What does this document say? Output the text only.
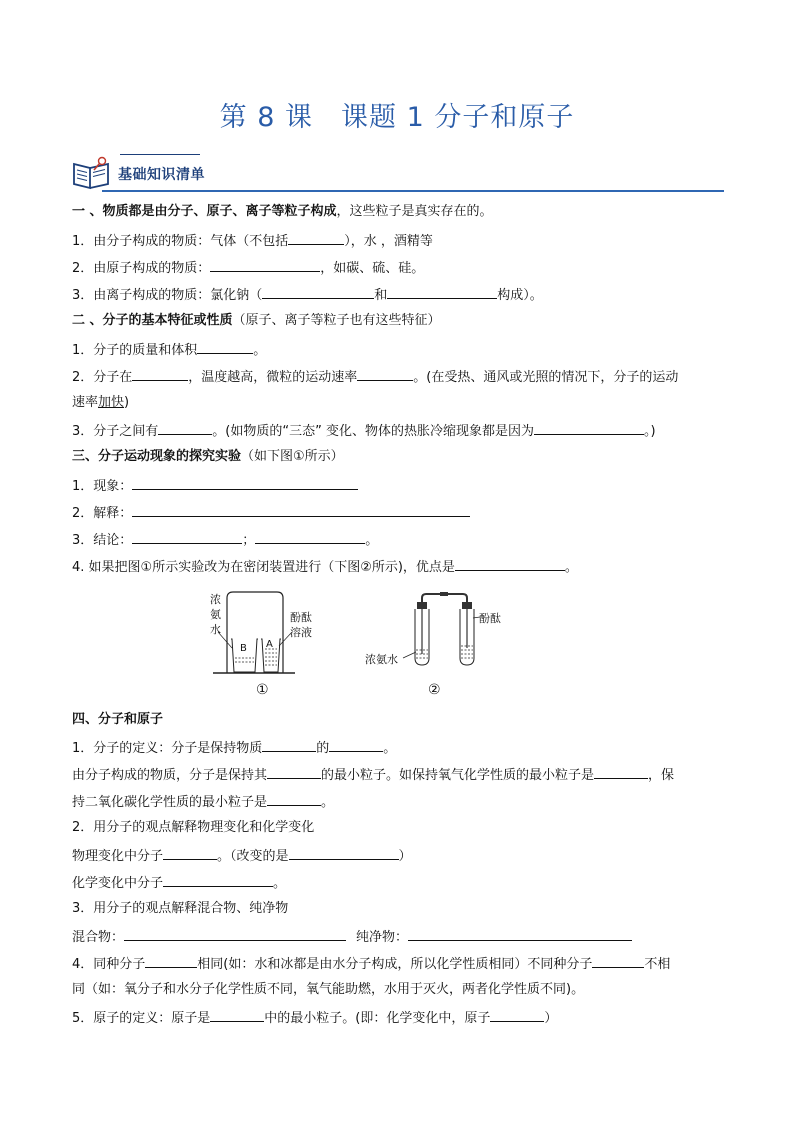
第 8 课　课题 1 分子和原子
基础知识清单
一 、物质都是由分子、原子、离子等粒子构成，这些粒子是真实存在的。
1．由分子构成的物质：气体（不包括	），水 ，酒精等
2．由原子构成的物质：	，如碳、硫、硅。
3．由离子构成的物质：氯化钠（	和	构成）。
二 、分子的基本特征或性质（原子、离子等粒子也有这些特征）
1．分子的质量和体积	。
2．分子在	，温度越高，微粒的运动速率	。(在受热、通风或光照的情况下，分子的运动
速率加快)
3．分子之间有	。(如物质的“三态” 变化、物体的热胀冷缩现象都是因为	。)
三、分子运动现象的探究实验（如下图①所示）
1．现象：
2．解释：
3．结论：	；	。
4. 如果把图①所示实验改为在密闭装置进行（下图②所示)，优点是	。
浓
氨
水
酚酞
溶液
B A
酚酞
浓氨水
①	②
四、分子和原子
1．分子的定义：分子是保持物质	的	。
由分子构成的物质，分子是保持其	的最小粒子。如保持氧气化学性质的最小粒子是	，保
持二氧化碳化学性质的最小粒子是	。
2．用分子的观点解释物理变化和化学变化
物理变化中分子	。（改变的是	）
化学变化中分子	。
3．用分子的观点解释混合物、纯净物
混合物：	纯净物：
4．同种分子	相同(如：水和冰都是由水分子构成，所以化学性质相同）不同种分子	不相
同（如：氧分子和水分子化学性质不同，氧气能助燃，水用于灭火，两者化学性质不同)。
5．原子的定义：原子是	中的最小粒子。(即：化学变化中，原子	）
